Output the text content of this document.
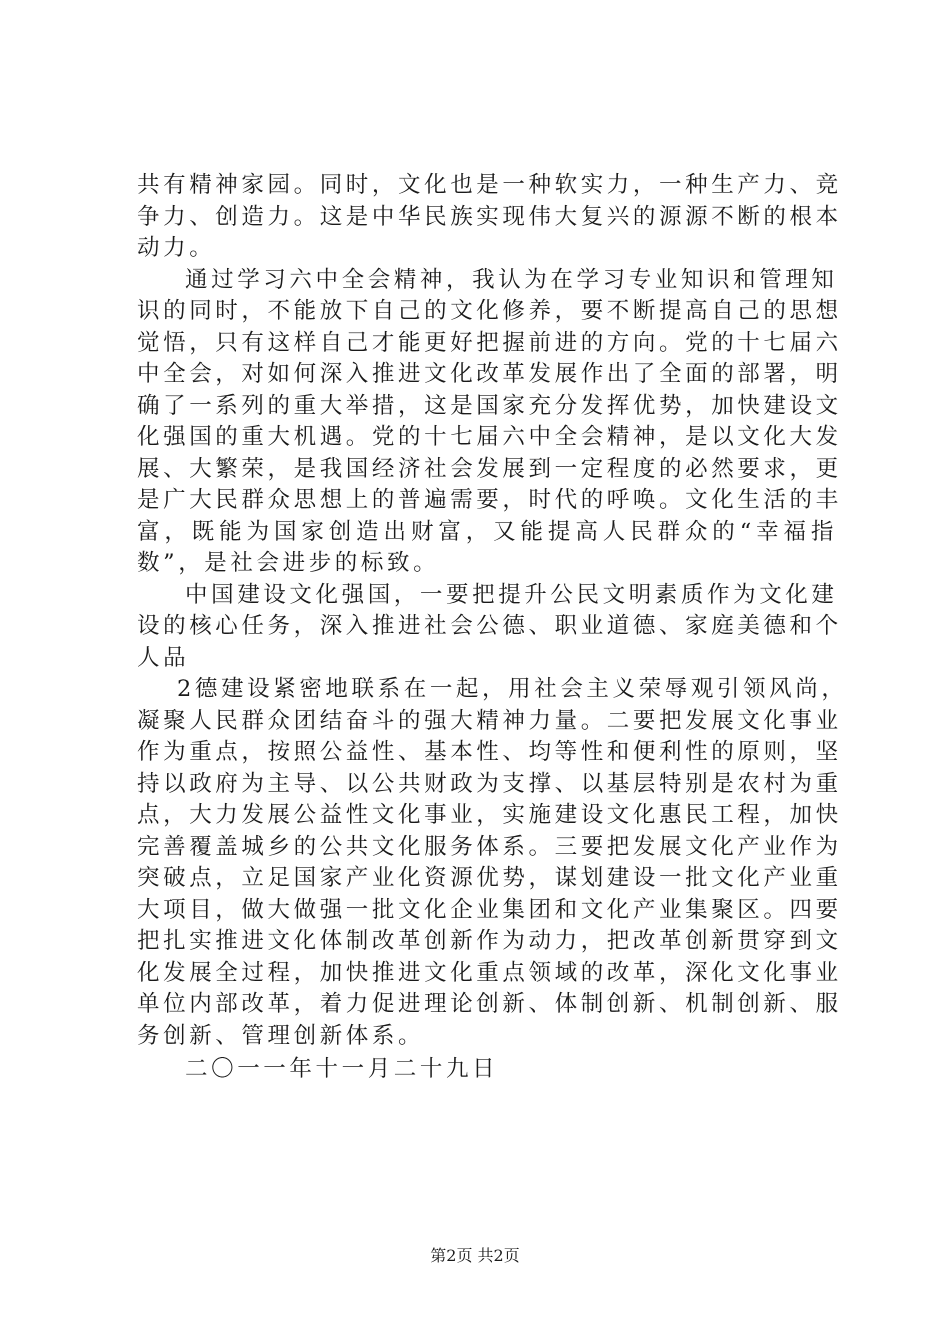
共有精神家园。同时，文化也是一种软实力，一种生产力、竞
争力、创造力。这是中华民族实现伟大复兴的源源不断的根本
动力。
通过学习六中全会精神，我认为在学习专业知识和管理知
识的同时，不能放下自己的文化修养，要不断提高自己的思想
觉悟，只有这样自己才能更好把握前进的方向。党的十七届六
中全会，对如何深入推进文化改革发展作出了全面的部署，明
确了一系列的重大举措，这是国家充分发挥优势，加快建设文
化强国的重大机遇。党的十七届六中全会精神，是以文化大发
展、大繁荣，是我国经济社会发展到一定程度的必然要求，更
是广大民群众思想上的普遍需要，时代的呼唤。文化生活的丰
富，既能为国家创造出财富，又能提高人民群众的“幸福指
数”，是社会进步的标致。
中国建设文化强国，一要把提升公民文明素质作为文化建
设的核心任务，深入推进社会公德、职业道德、家庭美德和个
人品
2德建设紧密地联系在一起，用社会主义荣辱观引领风尚，
凝聚人民群众团结奋斗的强大精神力量。二要把发展文化事业
作为重点，按照公益性、基本性、均等性和便利性的原则，坚
持以政府为主导、以公共财政为支撑、以基层特别是农村为重
点，大力发展公益性文化事业，实施建设文化惠民工程，加快
完善覆盖城乡的公共文化服务体系。三要把发展文化产业作为
突破点，立足国家产业化资源优势，谋划建设一批文化产业重
大项目，做大做强一批文化企业集团和文化产业集聚区。四要
把扎实推进文化体制改革创新作为动力，把改革创新贯穿到文
化发展全过程，加快推进文化重点领域的改革，深化文化事业
单位内部改革，着力促进理论创新、体制创新、机制创新、服
务创新、管理创新体系。
二〇一一年十一月二十九日
第2页 共2页
